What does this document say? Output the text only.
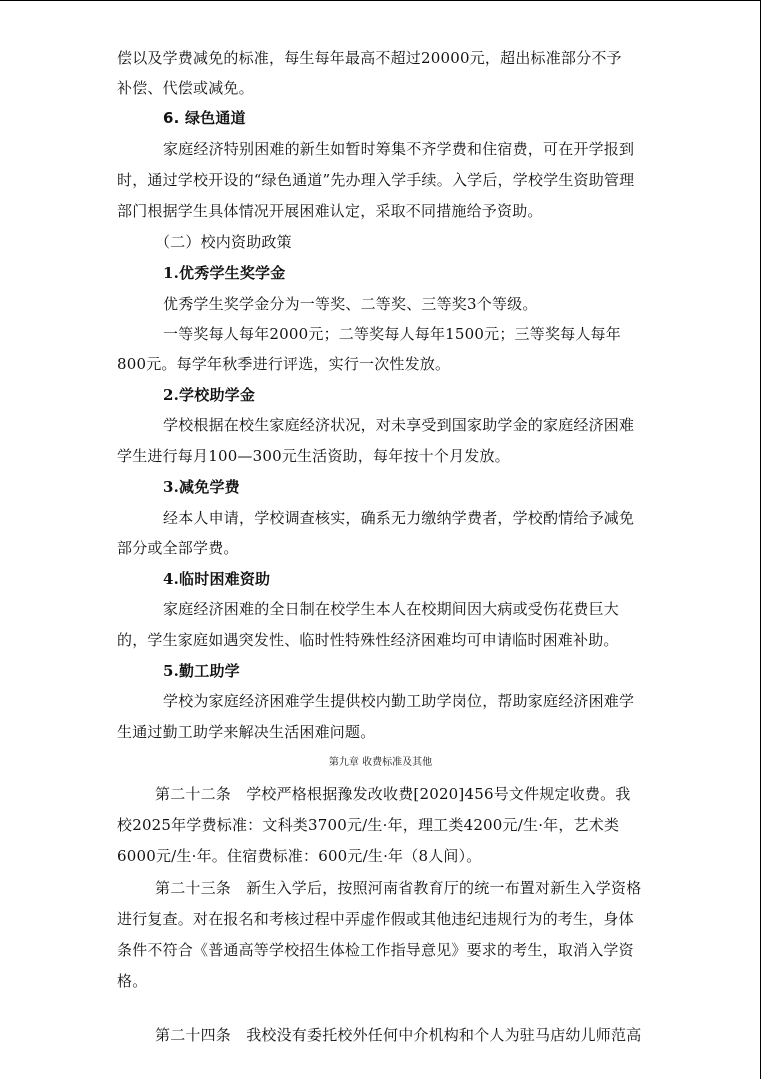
偿以及学费减免的标准，每生每年最高不超过20000元，超出标准部分不予
补偿、代偿或减免。
6. 绿色通道
家庭经济特别困难的新生如暂时筹集不齐学费和住宿费，可在开学报到
时，通过学校开设的“绿色通道”先办理入学手续。入学后，学校学生资助管理
部门根据学生具体情况开展困难认定，采取不同措施给予资助。
（二）校内资助政策
1.优秀学生奖学金
优秀学生奖学金分为一等奖、二等奖、三等奖3个等级。
一等奖每人每年2000元；二等奖每人每年1500元；三等奖每人每年
800元。每学年秋季进行评选，实行一次性发放。
2.学校助学金
学校根据在校生家庭经济状况，对未享受到国家助学金的家庭经济困难
学生进行每月100—300元生活资助，每年按十个月发放。
3.减免学费
经本人申请，学校调查核实，确系无力缴纳学费者，学校酌情给予减免
部分或全部学费。
4.临时困难资助
家庭经济困难的全日制在校学生本人在校期间因大病或受伤花费巨大
的，学生家庭如遇突发性、临时性特殊性经济困难均可申请临时困难补助。
5.勤工助学
学校为家庭经济困难学生提供校内勤工助学岗位，帮助家庭经济困难学
生通过勤工助学来解决生活困难问题。
第九章 收费标准及其他
第二十二条　学校严格根据豫发改收费[2020]456号文件规定收费。我
校2025年学费标准：文科类3700元/生·年，理工类4200元/生·年，艺术类
6000元/生·年。住宿费标准：600元/生·年（8人间）。
第二十三条　新生入学后，按照河南省教育厅的统一布置对新生入学资格
进行复查。对在报名和考核过程中弄虚作假或其他违纪违规行为的考生，身体
条件不符合《普通高等学校招生体检工作指导意见》要求的考生，取消入学资
格。
第二十四条　我校没有委托校外任何中介机构和个人为驻马店幼儿师范高
